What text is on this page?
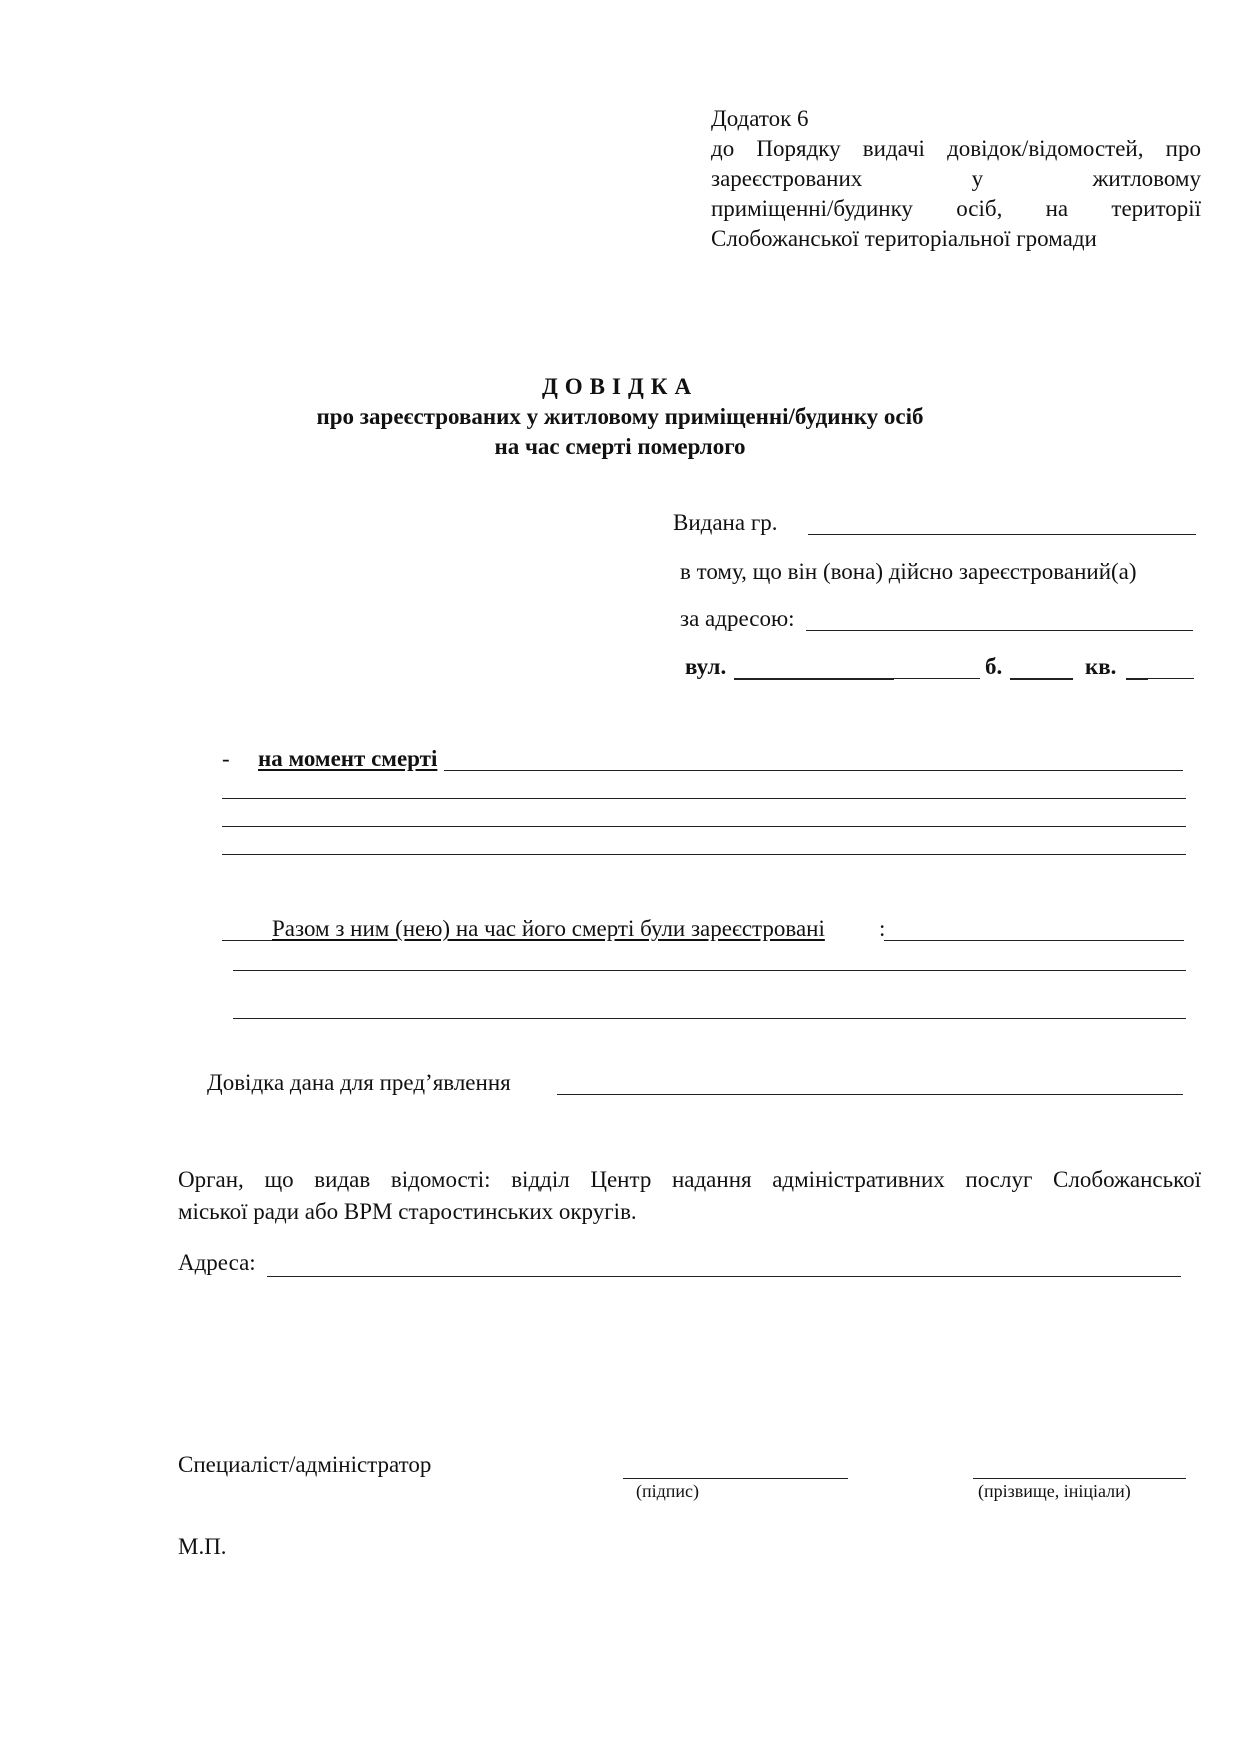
Додаток 6
до Порядку видачі довідок/відомостей, про
зареєстрованих у житловому
приміщенні/будинку осіб, на території
Слобожанської територіальної громади
ДОВІДКА
про зареєстрованих у житловому приміщенні/будинку осіб
на час смерті померлого
Видана гр.
в тому, що він (вона) дійсно зареєстрований(а)
за адресою:
вул.	б.	кв.
- на момент смерті
Разом з ним (нею) на час його смерті були зареєстровані :
Довідка дана для пред’явлення
Орган, що видав відомості: відділ Центр надання адміністративних послуг Слобожанської
міської ради або ВРМ старостинських округів.
Адреса:
Специалiст/адміністратор
(підпис)	(прізвище, ініціали)
М.П.
